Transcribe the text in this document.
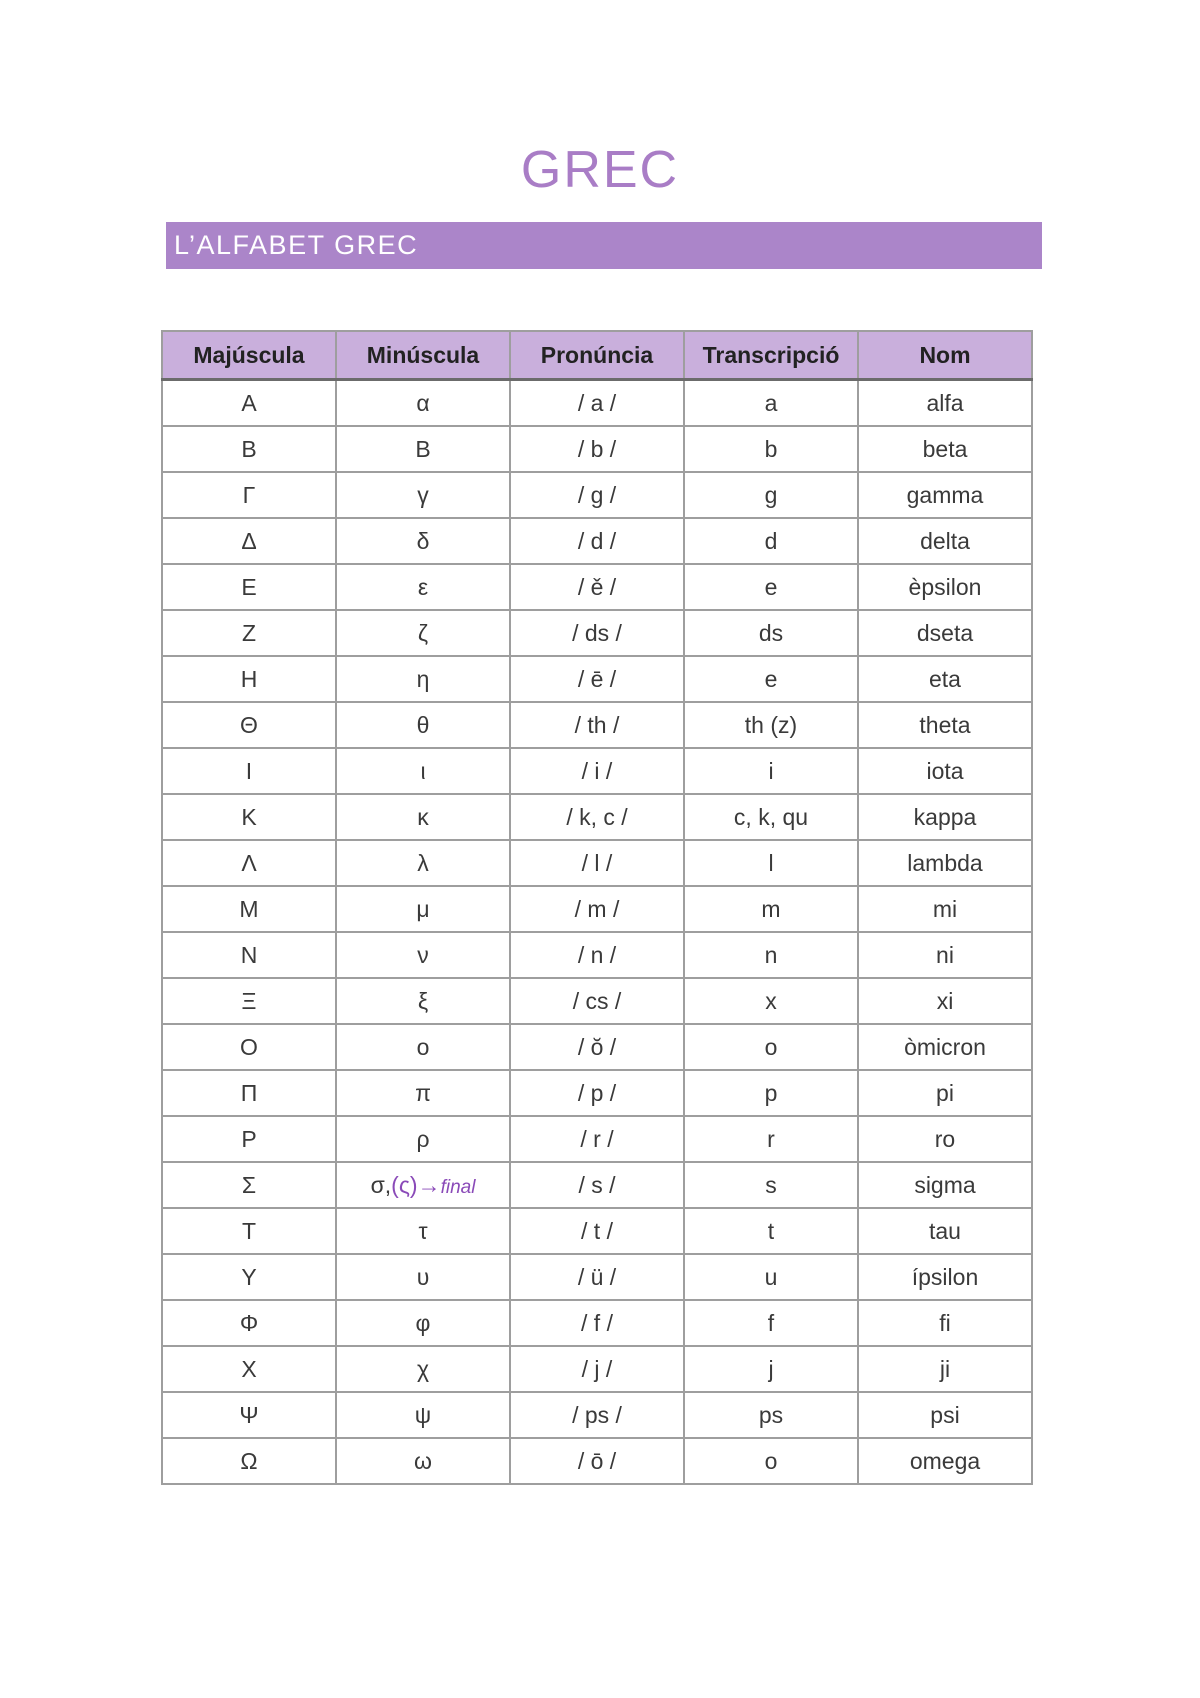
GREC
L’ALFABET GREC
Majúscula	Minúscula	Pronúncia	Transcripció	Nom
Α	α	/ a /	a	alfa
Β	Β	/ b /	b	beta
Γ	γ	/ g /	g	gamma
Δ	δ	/ d /	d	delta
Ε	ε	/ ě /	e	èpsilon
Ζ	ζ	/ ds /	ds	dseta
Η	η	/ ē /	e	eta
Θ	θ	/ th /	th (z)	theta
Ι	ι	/ i /	i	iota
Κ	κ	/ k, c /	c, k, qu	kappa
Λ	λ	/ l /	l	lambda
Μ	μ	/ m /	m	mi
Ν	ν	/ n /	n	ni
Ξ	ξ	/ cs /	x	xi
Ο	ο	/ ŏ /	o	òmicron
Π	π	/ p /	p	pi
Ρ	ρ	/ r /	r	ro
Σ	σ,(ς)→final	/ s /	s	sigma
Τ	τ	/ t /	t	tau
Υ	υ	/ ü /	u	ípsilon
Φ	φ	/ f /	f	fi
Χ	χ	/ j /	j	ji
Ψ	ψ	/ ps /	ps	psi
Ω	ω	/ ō /	o	omega
